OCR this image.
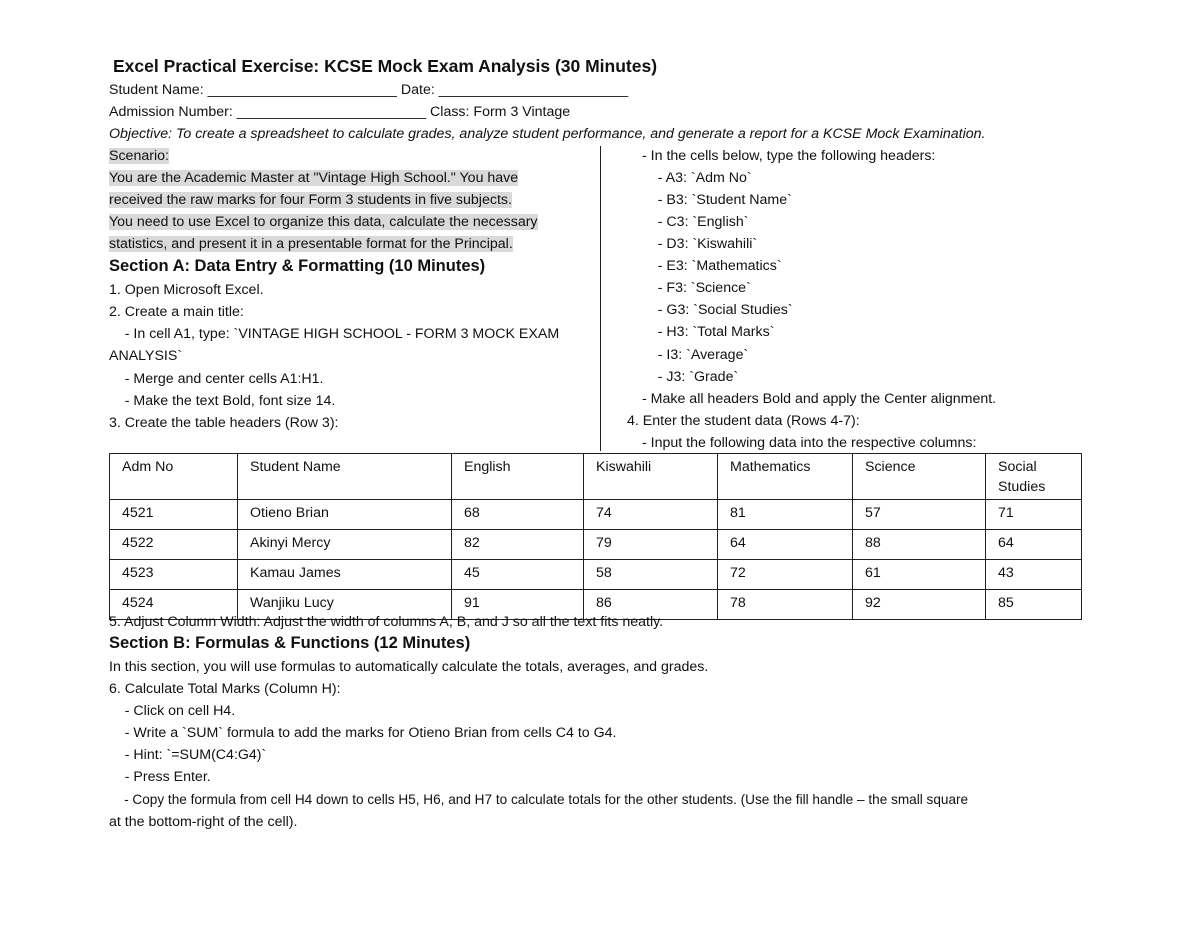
Excel Practical Exercise: KCSE Mock Exam Analysis (30 Minutes)
Student Name: ________________________ Date: ________________________
Admission Number: ________________________ Class: Form 3 Vintage
Objective: To create a spreadsheet to calculate grades, analyze student performance, and generate a report for a KCSE Mock Examination.
Scenario:
You are the Academic Master at "Vintage High School." You have
received the raw marks for four Form 3 students in five subjects.
You need to use Excel to organize this data, calculate the necessary
statistics, and present it in a presentable format for the Principal.
Section A: Data Entry & Formatting (10 Minutes)
1. Open Microsoft Excel.
2. Create a main title:
- In cell A1, type: `VINTAGE HIGH SCHOOL - FORM 3 MOCK EXAM
ANALYSIS`
- Merge and center cells A1:H1.
- Make the text Bold, font size 14.
3. Create the table headers (Row 3):
- In the cells below, type the following headers:
- A3: `Adm No`
- B3: `Student Name`
- C3: `English`
- D3: `Kiswahili`
- E3: `Mathematics`
- F3: `Science`
- G3: `Social Studies`
- H3: `Total Marks`
- I3: `Average`
- J3: `Grade`
- Make all headers Bold and apply the Center alignment.
4. Enter the student data (Rows 4-7):
- Input the following data into the respective columns:
Adm No	Student Name	English	Kiswahili	Mathematics	Science	Social Studies
4521	Otieno Brian	68	74	81	57	71
4522	Akinyi Mercy	82	79	64	88	64
4523	Kamau James	45	58	72	61	43
4524	Wanjiku Lucy	91	86	78	92	85
5. Adjust Column Width: Adjust the width of columns A, B, and J so all the text fits neatly.
Section B: Formulas & Functions (12 Minutes)
In this section, you will use formulas to automatically calculate the totals, averages, and grades.
6. Calculate Total Marks (Column H):
- Click on cell H4.
- Write a `SUM` formula to add the marks for Otieno Brian from cells C4 to G4.
- Hint: `=SUM(C4:G4)`
- Press Enter.
- Copy the formula from cell H4 down to cells H5, H6, and H7 to calculate totals for the other students. (Use the fill handle – the small square
at the bottom-right of the cell).
